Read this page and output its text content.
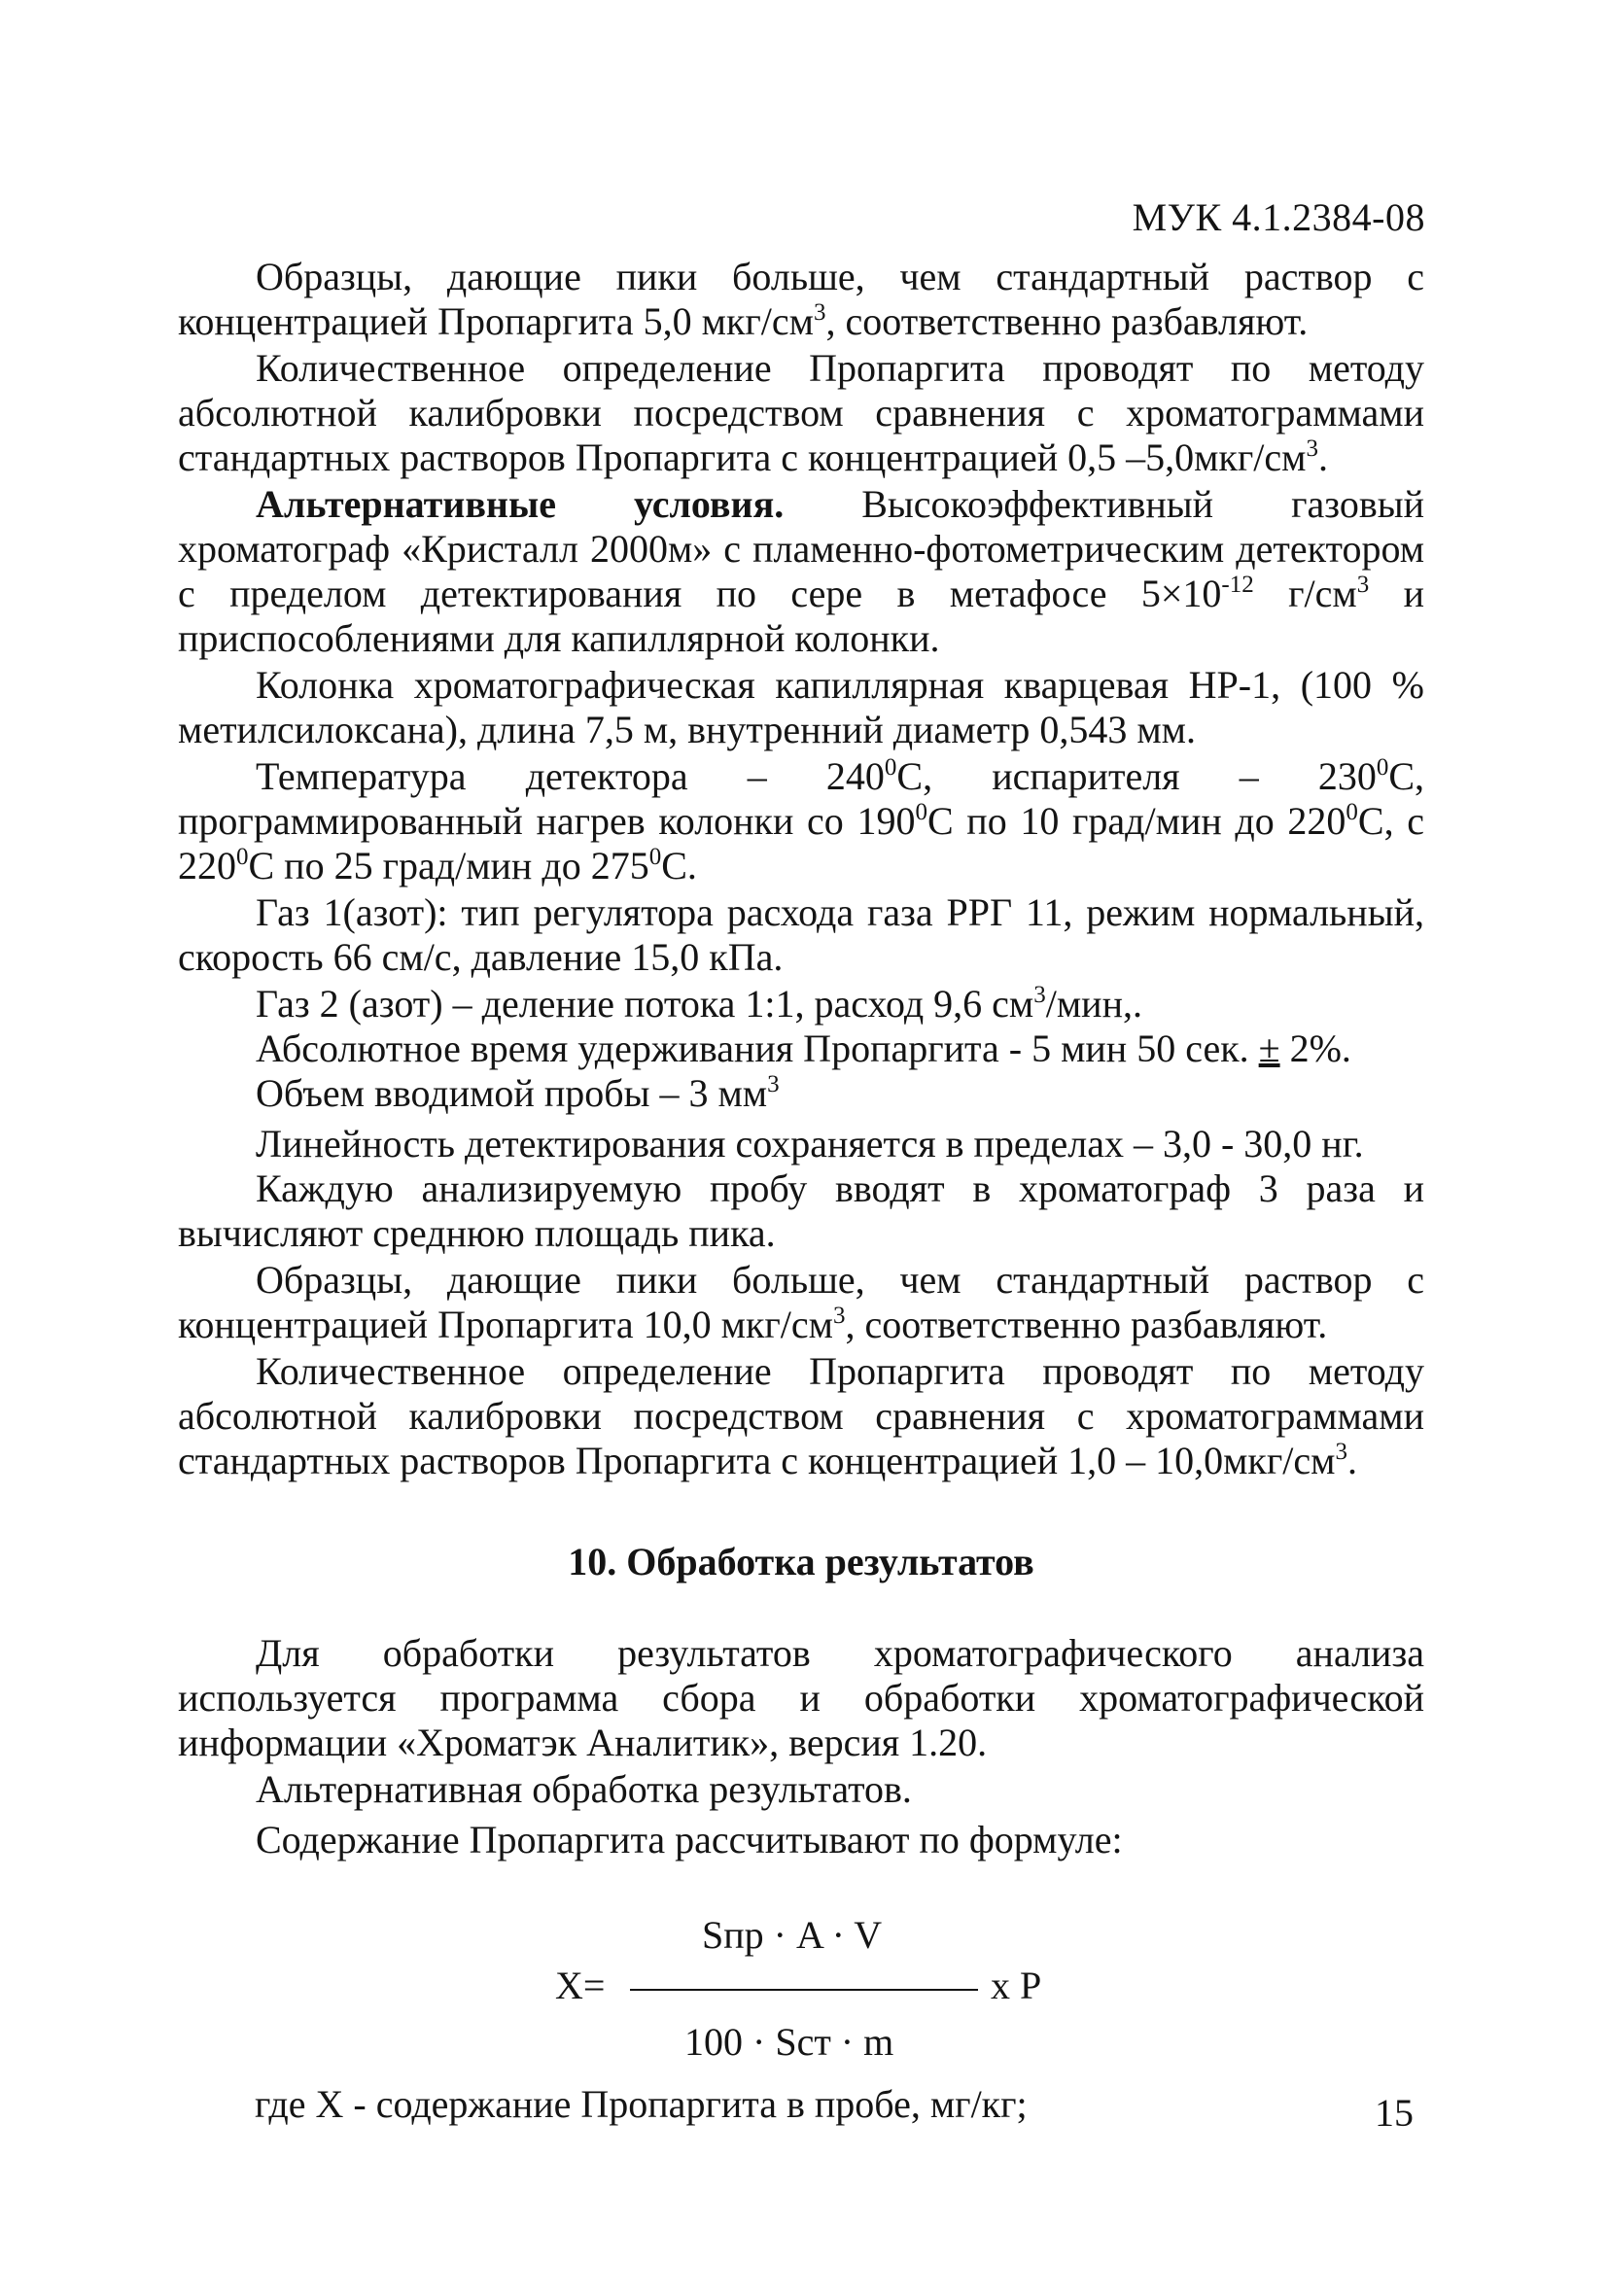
МУК 4.1.2384-08

Образцы, дающие пики больше, чем стандартный раствор с концентрацией Пропаргита 5,0 мкг/$см^3$, соответственно разбавляют.

Количественное определение Пропаргита проводят по методу абсолютной калибровки посредством сравнения с хроматограммами стандартных растворов Пропаргита с концентрацией 0,5 $-5,0мкг/см^3$.

Альтернативные условия. Высокоэффективный газовый хроматограф «Кристалл 2000м» с пламенно-фотометрическим детектором с пределом детектирования по сере в метафосе $5\times 10^{-12}$ $г/см^3$ и приспособлениями для капиллярной колонки.

Колонка хроматографическая капиллярная кварцевая HP-1, (100 % метилсилоксана), длина 7,5 м, внутренний диаметр 0,543 мм.

Температура детектора – $240^0С$, испарителя – $230^0С$, программированный нагрев колонки со $190^0С$ по 10 град/мин до $220^0С$, с $220^0С$ по 25 град/мин до $275^0С$.

Газ 1(азот): тип регулятора расхода газа РРГ 11, режим нормальный, скорость 66 см/с, давление 15,0 кПа.

Газ 2 (азот) – деление потока 1:1, расход 9,6 $см^3$/мин,.

Абсолютное время удерживания Пропаргита - 5 мин 50 сек. ± 2%.

Объем вводимой пробы – 3 $мм^3$

Линейность детектирования сохраняется в пределах – 3,0 - 30,0 нг.

Каждую анализируемую пробу вводят в хроматограф 3 раза и вычисляют среднюю площадь пика.

Образцы, дающие пики больше, чем стандартный раствор с концентрацией Пропаргита 10,0 мкг/$см^3$, соответственно разбавляют.

Количественное определение Пропаргита проводят по методу абсолютной калибровки посредством сравнения с хроматограммами стандартных растворов Пропаргита с концентрацией $1,0 - 10,0мкг/см^3$.

10. Обработка результатов

Для обработки результатов хроматографического анализа используется программа сбора и обработки хроматографической информации «Хроматэк Аналитик», версия 1.20.

Альтернативная обработка результатов.

Содержание Пропаргита рассчитывают по формуле:

Sпр · A · V
X=	x P
100 · Sст · m
где Х - содержание Пропаргита в пробе, мг/кг;	15
